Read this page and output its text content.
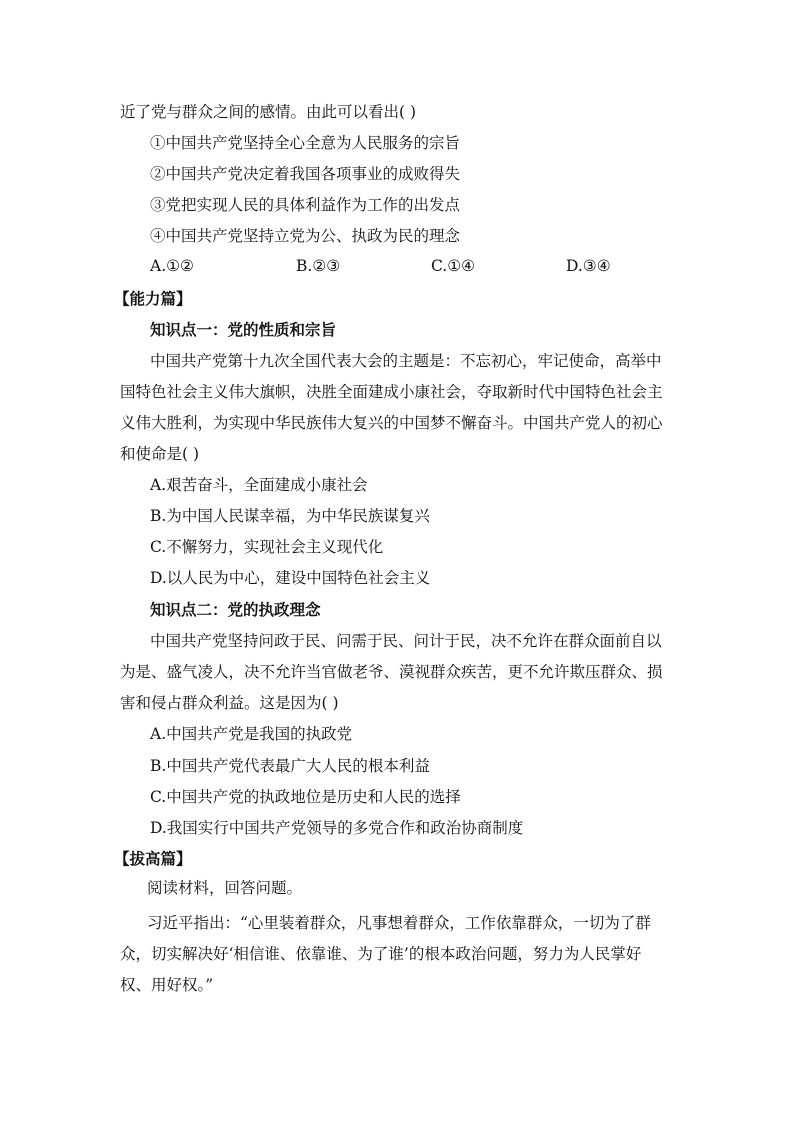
近了党与群众之间的感情。由此可以看出( )
①中国共产党坚持全心全意为人民服务的宗旨
②中国共产党决定着我国各项事业的成败得失
③党把实现人民的具体利益作为工作的出发点
④中国共产党坚持立党为公、执政为民的理念
A.①②	B.②③	C.①④	D.③④
【能力篇】
知识点一：党的性质和宗旨
中国共产党第十九次全国代表大会的主题是：不忘初心，牢记使命，高举中
国特色社会主义伟大旗帜，决胜全面建成小康社会，夺取新时代中国特色社会主
义伟大胜利，为实现中华民族伟大复兴的中国梦不懈奋斗。中国共产党人的初心
和使命是( )
A.艰苦奋斗，全面建成小康社会
B.为中国人民谋幸福，为中华民族谋复兴
C.不懈努力，实现社会主义现代化
D.以人民为中心，建设中国特色社会主义
知识点二：党的执政理念
中国共产党坚持问政于民、问需于民、问计于民，决不允许在群众面前自以
为是、盛气凌人，决不允许当官做老爷、漠视群众疾苦，更不允许欺压群众、损
害和侵占群众利益。这是因为( )
A.中国共产党是我国的执政党
B.中国共产党代表最广大人民的根本利益
C.中国共产党的执政地位是历史和人民的选择
D.我国实行中国共产党领导的多党合作和政治协商制度
【拔高篇】
阅读材料，回答问题。
习近平指出：“心里装着群众，凡事想着群众，工作依靠群众，一切为了群
众，切实解决好‘相信谁、依靠谁、为了谁’的根本政治问题，努力为人民掌好
权、用好权。”
